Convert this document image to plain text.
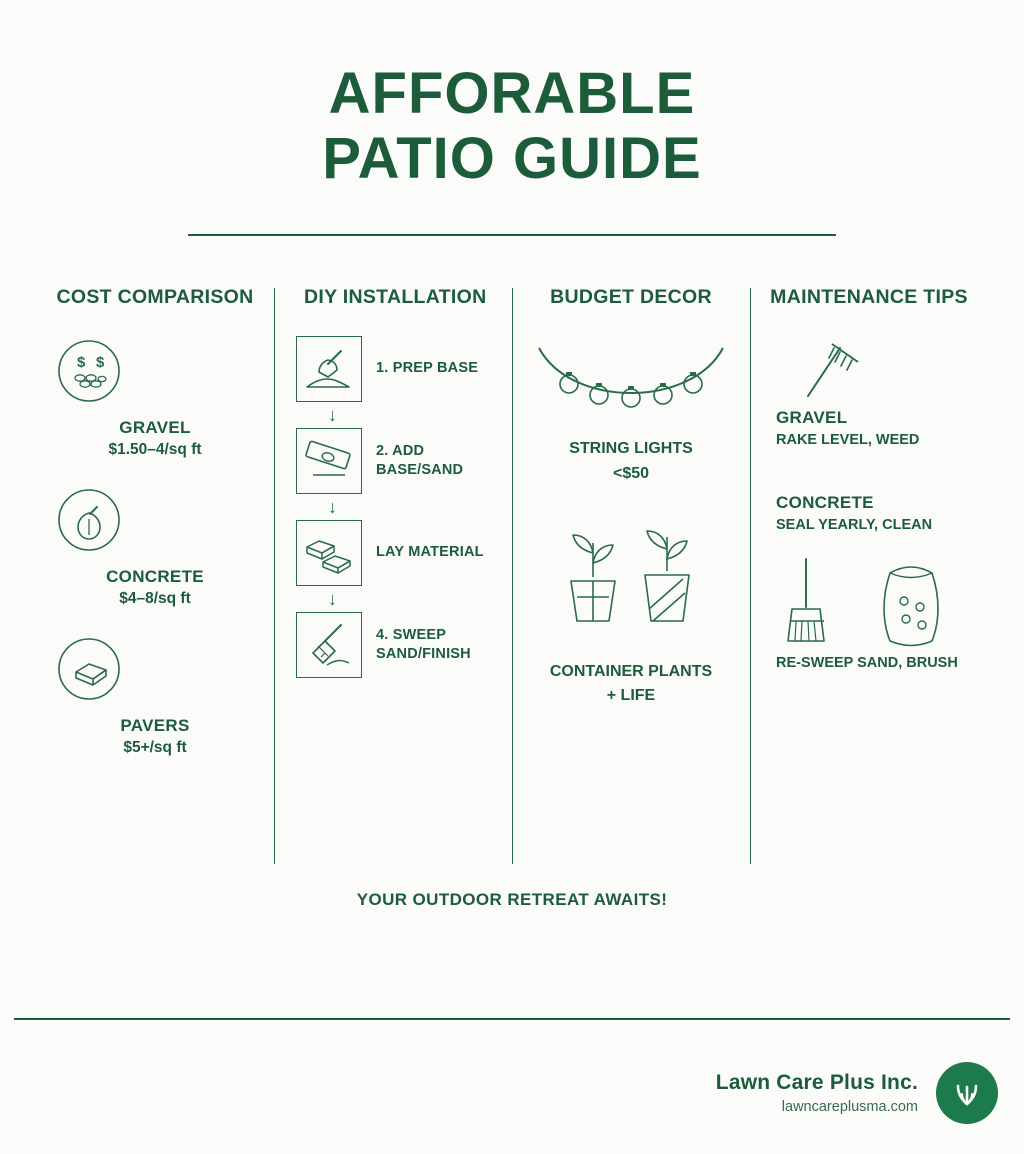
AFFORABLE
PATIO GUIDE
COST COMPARISON
$ $
GRAVEL
$1.50–4/sq ft
CONCRETE
$4–8/sq ft
PAVERS
$5+/sq ft
DIY INSTALLATION
1. PREP BASE
↓
2. ADD BASE/SAND
↓
LAY MATERIAL
↓
4. SWEEP SAND/FINISH
BUDGET DECOR
STRING LIGHTS
<$50
CONTAINER PLANTS
+ LIFE
MAINTENANCE TIPS
GRAVEL
RAKE LEVEL, WEED
CONCRETE
SEAL YEARLY, CLEAN
RE-SWEEP SAND, BRUSH
YOUR OUTDOOR RETREAT AWAITS!
Lawn Care Plus Inc.
lawncareplusma.com
